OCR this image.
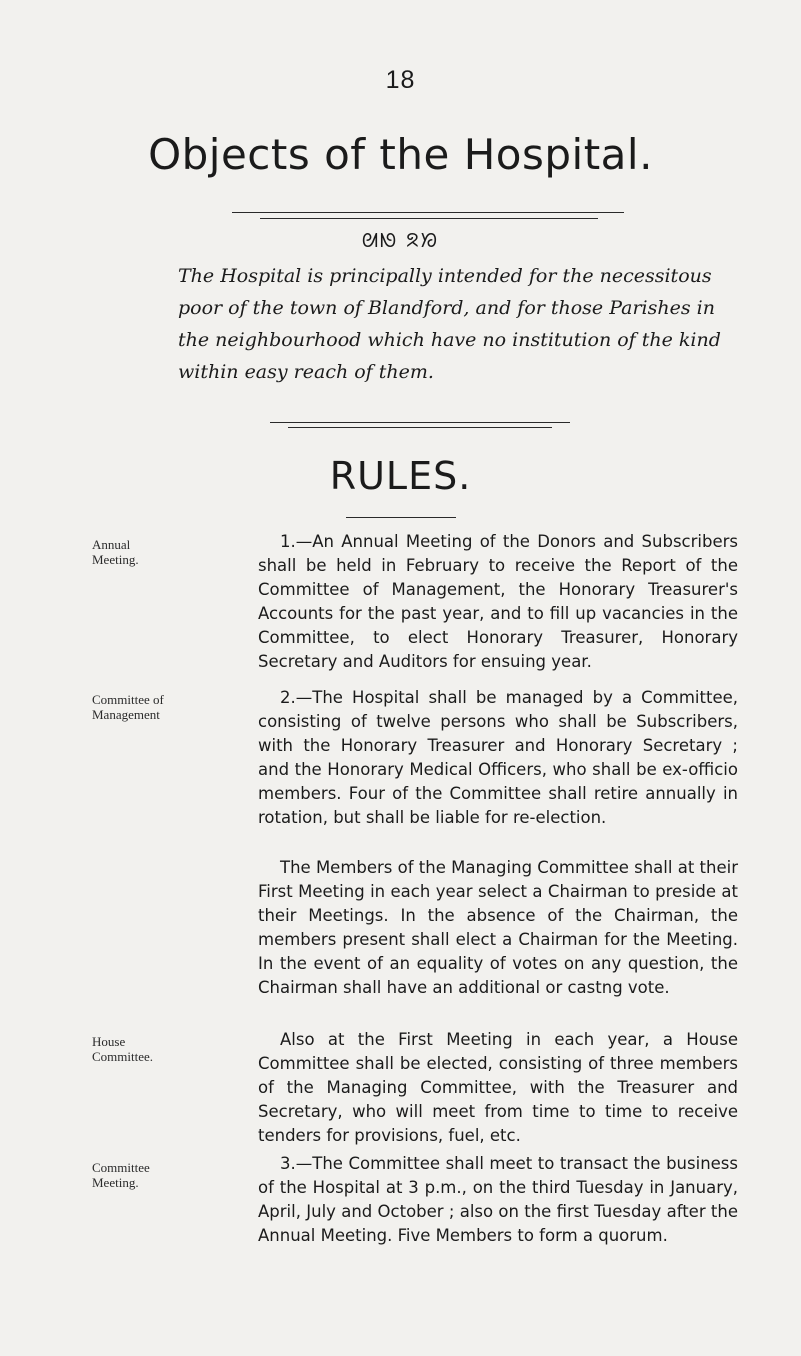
18
Objects of the Hospital.
ᘛᘚ ᘝᘞ
The Hospital is principally intended for the necessitous poor of the town of Blandford, and for those Parishes in the neighbourhood which have no institution of the kind within easy reach of them.
RULES.
Annual Meeting.
1.—An Annual Meeting of the Donors and Subscribers shall be held in February to receive the Report of the Committee of Management, the Honorary Treasurer's Accounts for the past year, and to fill up vacancies in the Committee, to elect Honorary Treasurer, Honorary Secretary and Auditors for ensuing year.
Committee of Management
2.—The Hospital shall be managed by a Committee, consisting of twelve persons who shall be Subscribers, with the Honorary Treasurer and Honorary Secretary ; and the Honorary Medical Officers, who shall be ex-officio members. Four of the Committee shall retire annually in rotation, but shall be liable for re-election.
The Members of the Managing Committee shall at their First Meeting in each year select a Chairman to preside at their Meetings. In the absence of the Chairman, the members present shall elect a Chairman for the Meeting. In the event of an equality of votes on any question, the Chairman shall have an additional or castng vote.
House Committee.
Also at the First Meeting in each year, a House Committee shall be elected, consisting of three members of the Managing Committee, with the Treasurer and Secretary, who will meet from time to time to receive tenders for provisions, fuel, etc.
Committee Meeting.
3.—The Committee shall meet to transact the business of the Hospital at 3 p.m., on the third Tuesday in January, April, July and October ; also on the first Tuesday after the Annual Meeting. Five Members to form a quorum.
